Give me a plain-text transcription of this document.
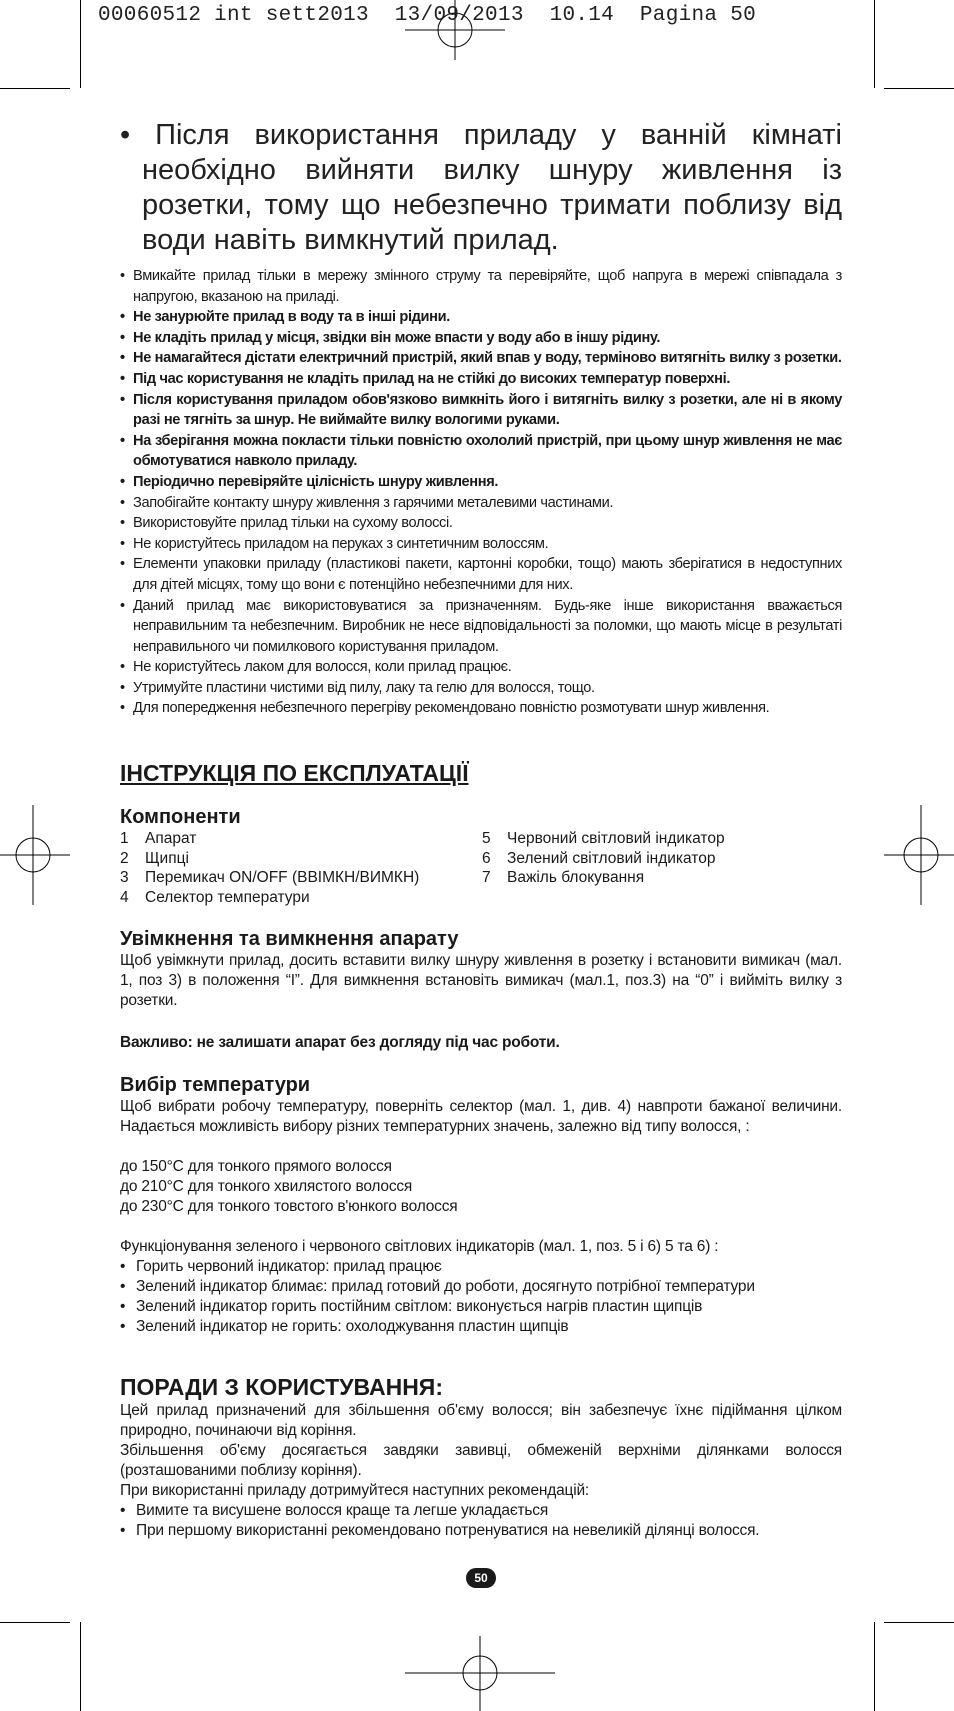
00060512 int sett2013  13/09/2013  10.14  Pagina 50

• Після використання приладу у ванній кімнаті необхідно вийняти вилку шнуру живлення із розетки, тому що небезпечно тримати поблизу від води навіть вимкнутий прилад.

• Вмикайте прилад тільки в мережу змінного струму та перевіряйте, щоб напруга в мережі співпадала з напругою, вказаною на приладі.
• Не занурюйте прилад в воду та в інші рідини.
• Не кладіть прилад у місця, звідки він може впасти у воду або в іншу рідину.
• Не намагайтеся дістати електричний пристрій, який впав у воду, терміново витягніть вилку з розетки.
• Під час користування не кладіть прилад на не стійкі до високих температур поверхні.
• Після користування приладом обов'язково вимкніть його і витягніть вилку з розетки, але ні в якому разі не тягніть за шнур. Не виймайте вилку вологими руками.
• На зберігання можна покласти тільки повністю охололий пристрій, при цьому шнур живлення не має обмотуватися навколо приладу.
• Періодично перевіряйте цілісність шнуру живлення.
• Запобігайте контакту шнуру живлення з гарячими металевими частинами.
• Використовуйте прилад тільки на сухому волоссі.
• Не користуйтесь приладом на перуках з синтетичним волоссям.
• Елементи упаковки приладу (пластикові пакети, картонні коробки, тощо) мають зберігатися в недоступних для дітей місцях, тому що вони є потенційно небезпечними для них.
• Даний прилад має використовуватися за призначенням. Будь-яке інше використання вважається неправильним та небезпечним. Виробник не несе відповідальності за поломки, що мають місце в результаті неправильного чи помилкового користування приладом.
• Не користуйтесь лаком для волосся, коли прилад працює.
• Утримуйте пластини чистими від пилу, лаку та гелю для волосся, тощо.
• Для попередження небезпечного перегріву рекомендовано повністю розмотувати шнур живлення.
ІНСТРУКЦІЯ ПО ЕКСПЛУАТАЦІЇ
Компоненти
1 Апарат
2 Щипці
3 Перемикач ON/OFF (ВВІМКН/ВИМКН)
4 Селектор температури
5 Червоний світловий індикатор
6 Зелений світловий індикатор
7 Важіль блокування
Увімкнення та вимкнення апарату

Щоб увімкнути прилад, досить вставити вилку шнуру живлення в розетку і встановити вимикач (мал. 1, поз 3) в положення “I”. Для вимкнення встановіть вимикач (мал.1, поз.3) на “0” і вийміть вилку з розетки.

Важливо: не залишати апарат без догляду під час роботи.

Вибір температури

Щоб вибрати робочу температуру, поверніть селектор (мал. 1, див. 4) навпроти бажаної величини. Надається можливість вибору різних температурних значень, залежно від типу волосся, :

до 150°C для тонкого прямого волосся

до 210°C для тонкого хвилястого волосся

до 230°C для тонкого товстого в'юнкого волосся

Функціонування зеленого і червоного світлових індикаторів (мал. 1, поз. 5 і 6) 5 та 6) :

• Горить червоний індикатор: прилад працює
• Зелений індикатор блимає: прилад готовий до роботи, досягнуто потрібної температури
• Зелений індикатор горить постійним світлом: виконується нагрів пластин щипців
• Зелений індикатор не горить: охолоджування пластин щипців
ПОРАДИ З КОРИСТУВАННЯ:

Цей прилад призначений для збільшення об'єму волосся; він забезпечує їхнє підіймання цілком природно, починаючи від коріння.

Збільшення об'єму досягається завдяки завивці, обмеженій верхніми ділянками волосся (розташованими поблизу коріння).

При використанні приладу дотримуйтеся наступних рекомендацій:

• Вимите та висушене волосся краще та легше укладається
• При першому використанні рекомендовано потренуватися на невеликій ділянці волосся.
50
